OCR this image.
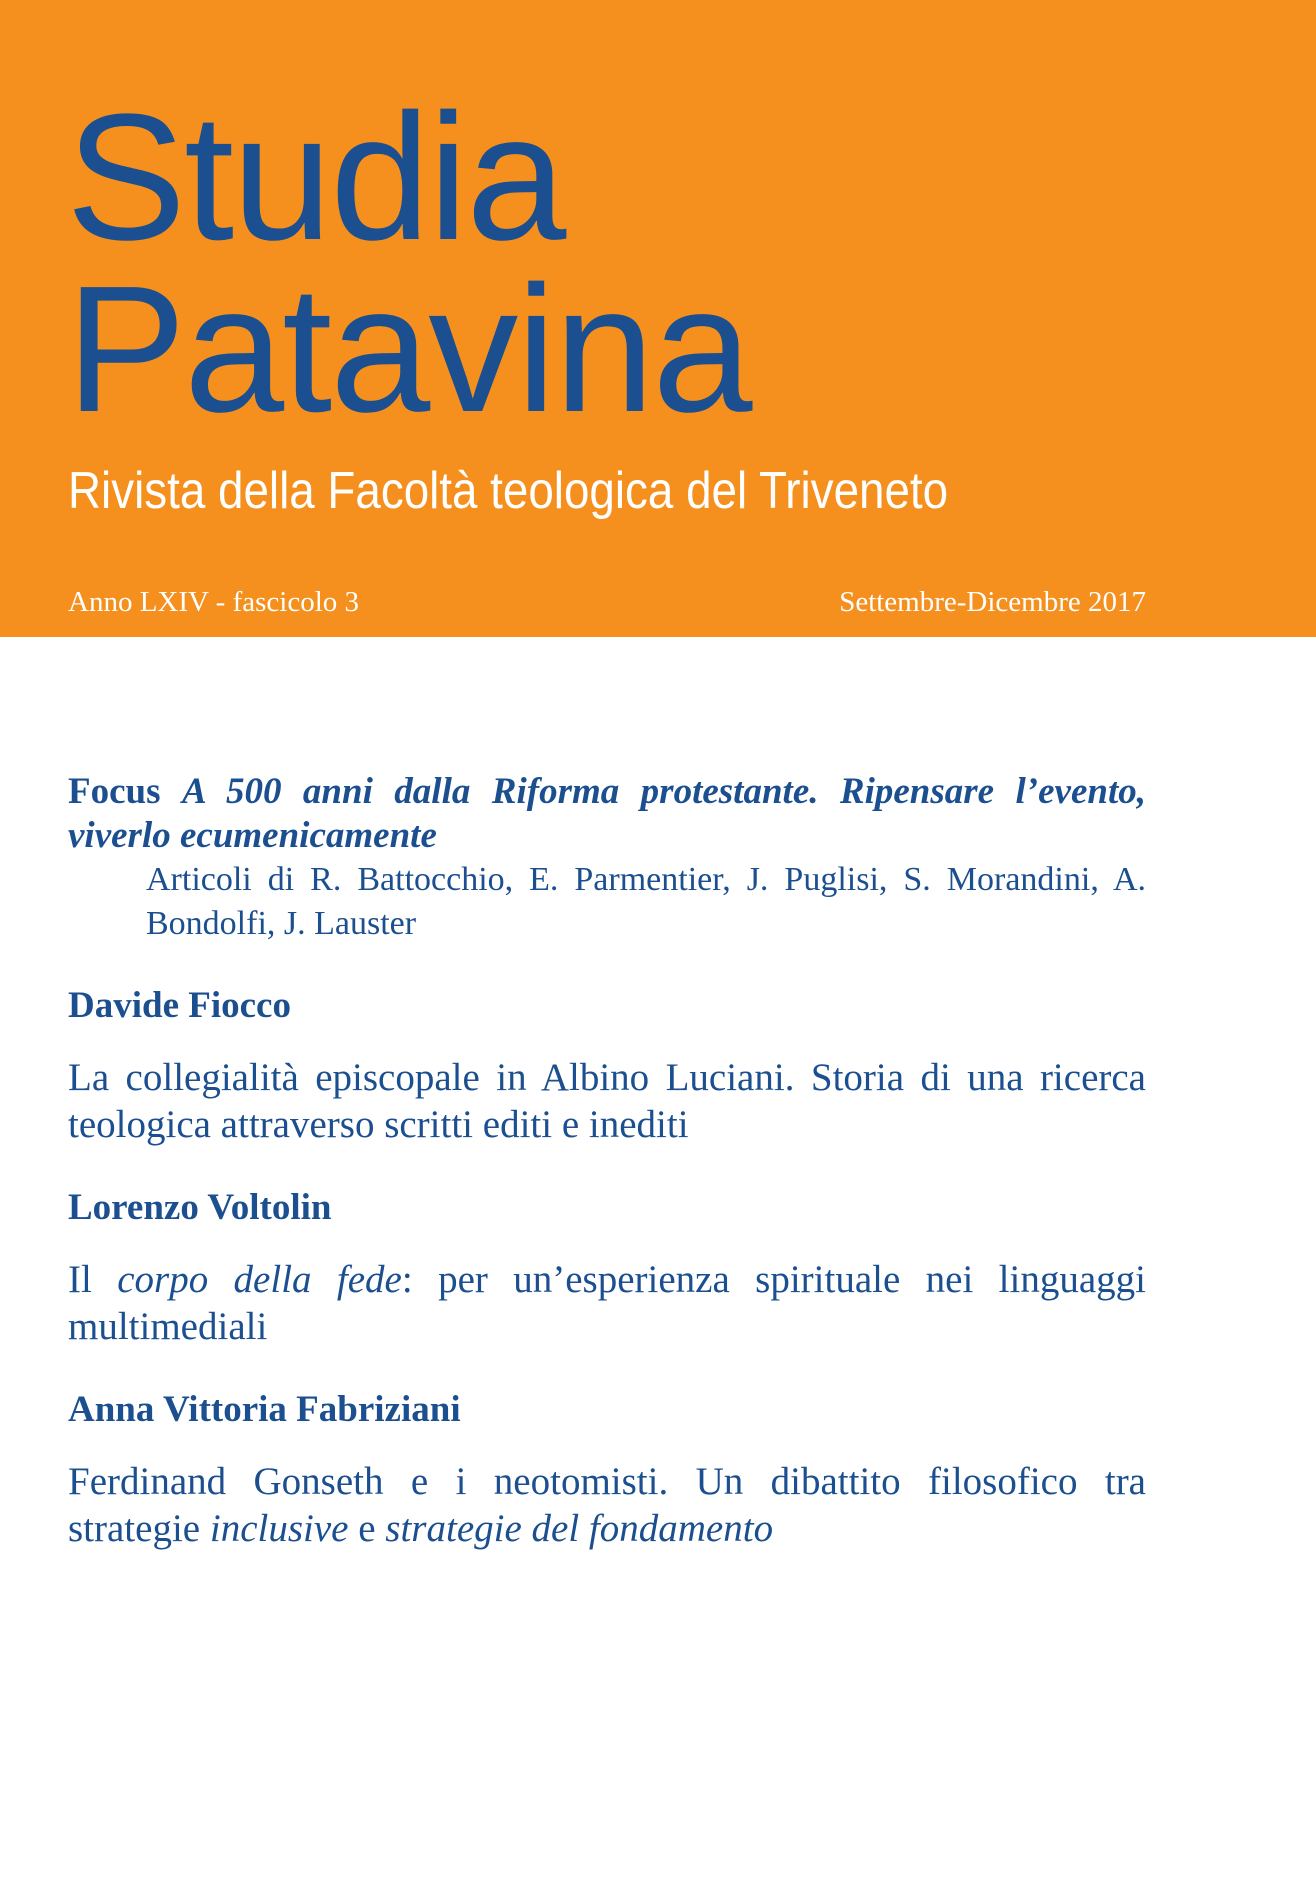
Studia
Patavina
Rivista della Facoltà teologica del Triveneto
Anno LXIV - fascicolo 3	Settembre-Dicembre 2017
Focus A 500 anni dalla Riforma protestante. Ripensare l’evento, viverlo ecumenicamente
Articoli di R. Battocchio, E. Parmentier, J. Puglisi, S. Morandini, A. Bondolfi, J. Lauster
Davide Fiocco
La collegialità episcopale in Albino Luciani. Storia di una ricerca teologica attraverso scritti editi e inediti
Lorenzo Voltolin
Il corpo della fede: per un’esperienza spirituale nei linguaggi multimediali
Anna Vittoria Fabriziani
Ferdinand Gonseth e i neotomisti. Un dibattito filosofico tra strategie inclusive e strategie del fondamento
